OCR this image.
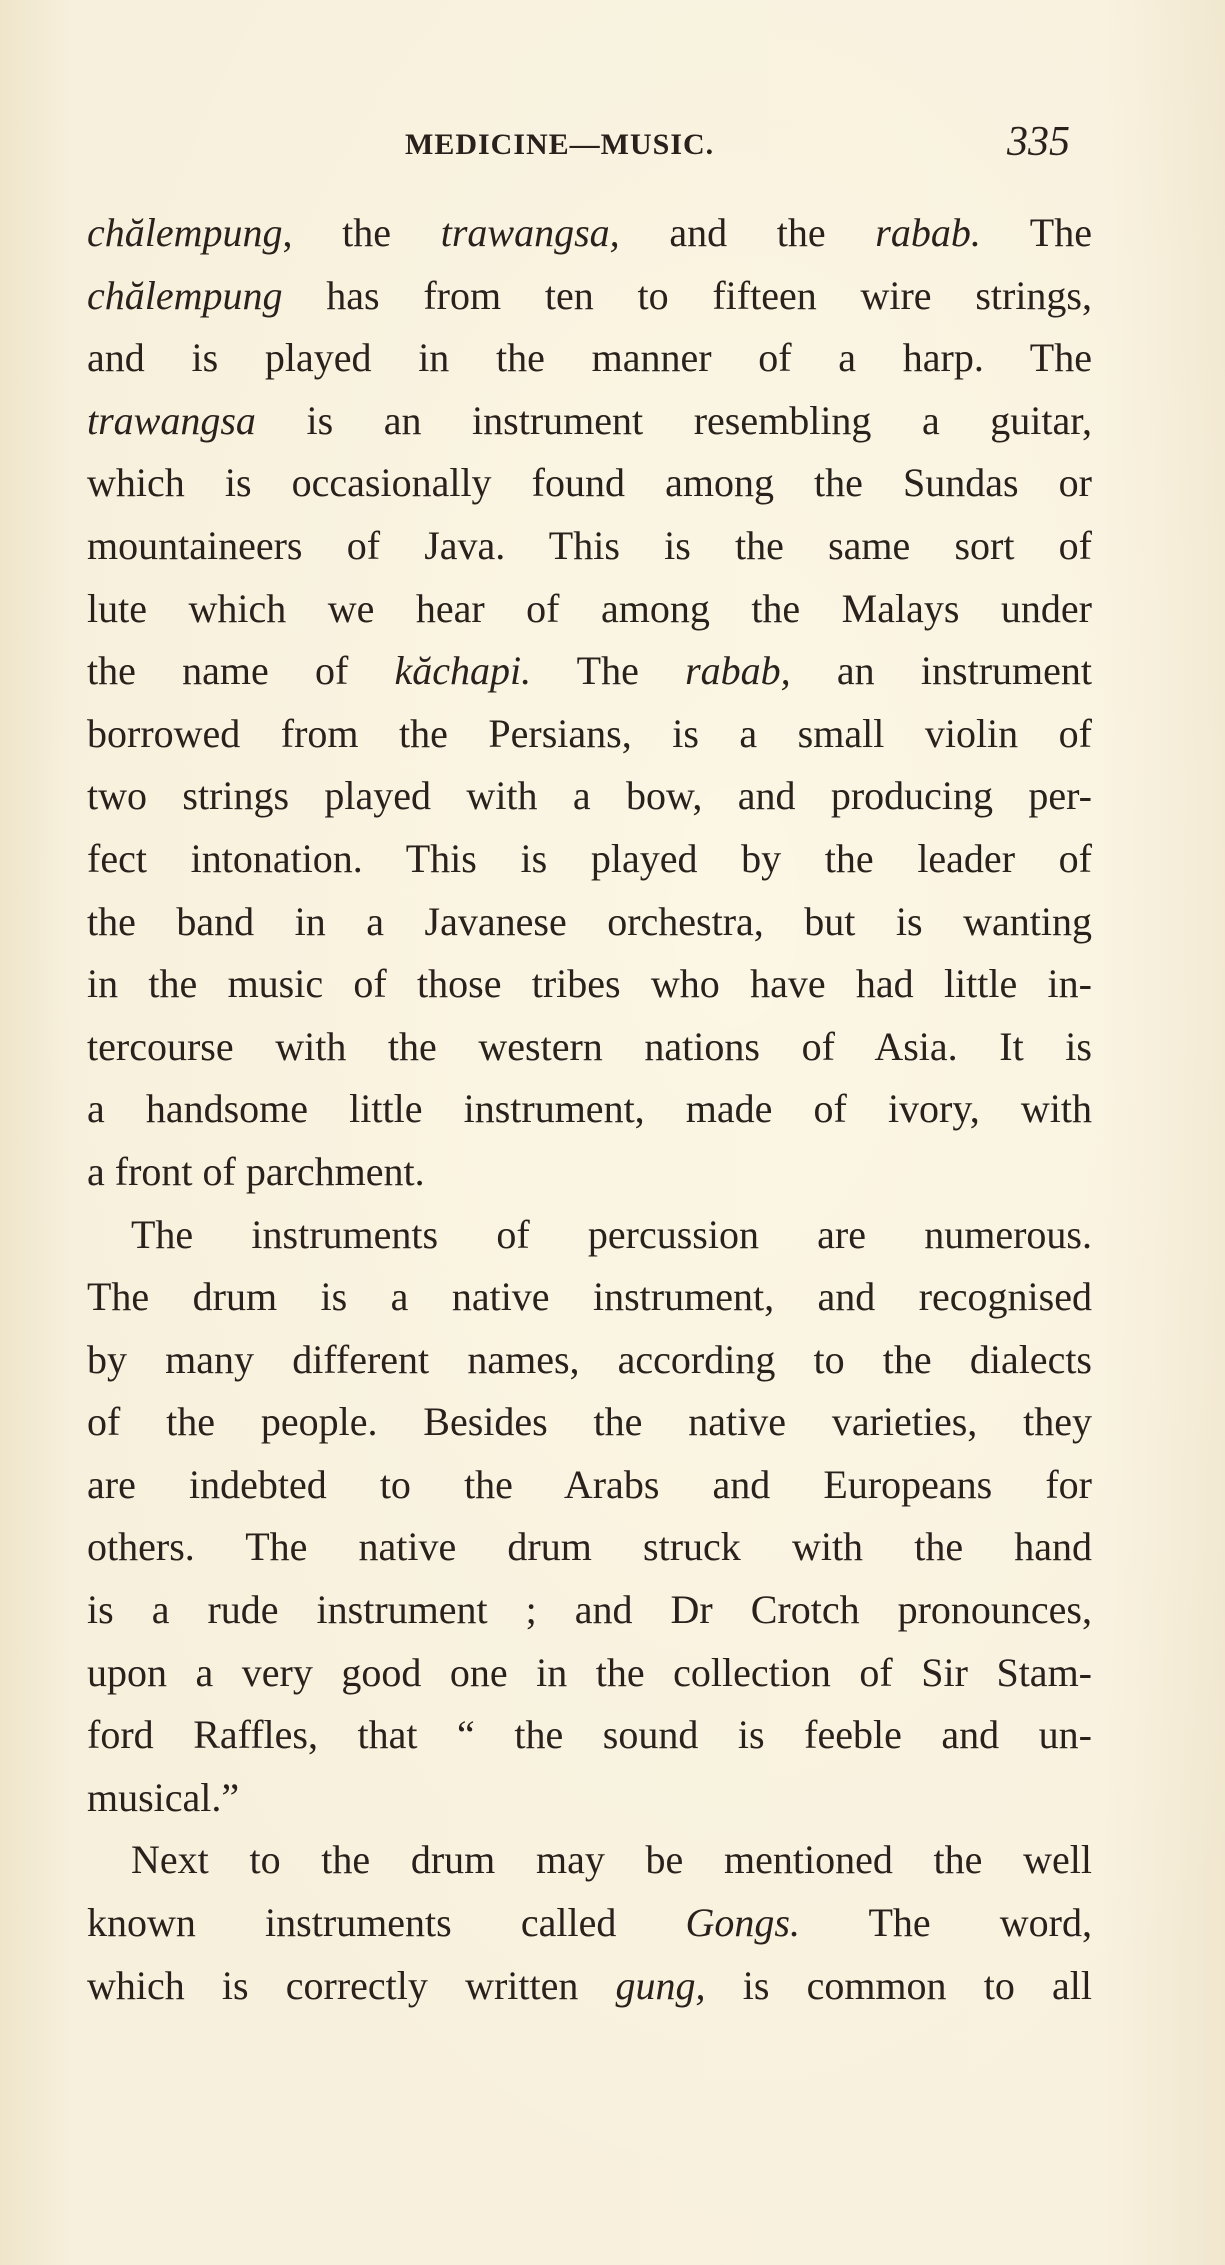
MEDICINE—MUSIC.	335
chălempung, the trawangsa, and the rabab. The
chălempung has from ten to fifteen wire strings,
and is played in the manner of a harp. The
trawangsa is an instrument resembling a guitar,
which is occasionally found among the Sundas or
mountaineers of Java. This is the same sort of
lute which we hear of among the Malays under
the name of kăchapi. The rabab, an instrument
borrowed from the Persians, is a small violin of
two strings played with a bow, and producing per-
fect intonation. This is played by the leader of
the band in a Javanese orchestra, but is wanting
in the music of those tribes who have had little in-
tercourse with the western nations of Asia. It is
a handsome little instrument, made of ivory, with
a front of parchment.
The instruments of percussion are numerous.
The drum is a native instrument, and recognised
by many different names, according to the dialects
of the people. Besides the native varieties, they
are indebted to the Arabs and Europeans for
others. The native drum struck with the hand
is a rude instrument ; and Dr Crotch pronounces,
upon a very good one in the collection of Sir Stam-
ford Raffles, that “ the sound is feeble and un-
musical.”
Next to the drum may be mentioned the well
known instruments called Gongs. The word,
which is correctly written gung, is common to all
